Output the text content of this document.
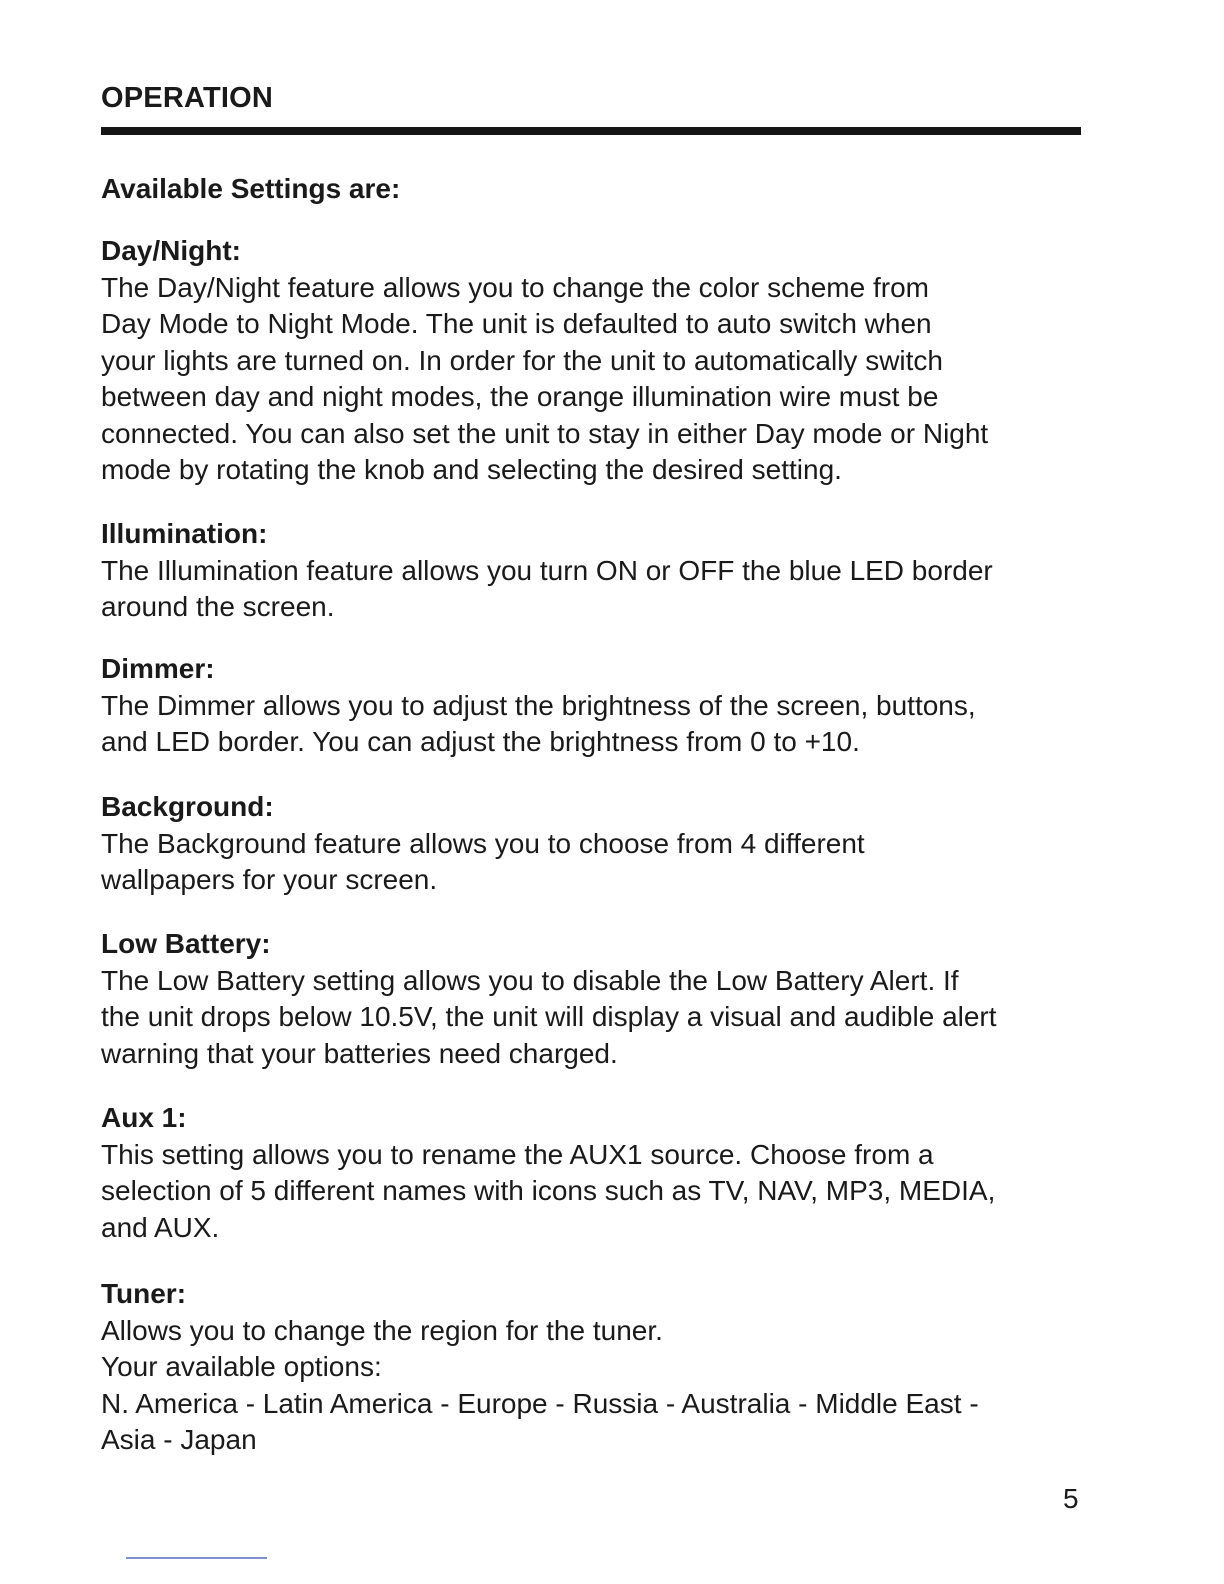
OPERATION
Available Settings are:
Day/Night:
The Day/Night feature allows you to change the color scheme from
Day Mode to Night Mode. The unit is defaulted to auto switch when
your lights are turned on. In order for the unit to automatically switch
between day and night modes, the orange illumination wire must be
connected. You can also set the unit to stay in either Day mode or Night
mode by rotating the knob and selecting the desired setting.
Illumination:
The Illumination feature allows you turn ON or OFF the blue LED border
around the screen.
Dimmer:
The Dimmer allows you to adjust the brightness of the screen, buttons,
and LED border. You can adjust the brightness from 0 to +10.
Background:
The Background feature allows you to choose from 4 different
wallpapers for your screen.
Low Battery:
The Low Battery setting allows you to disable the Low Battery Alert. If
the unit drops below 10.5V, the unit will display a visual and audible alert
warning that your batteries need charged.
Aux 1:
This setting allows you to rename the AUX1 source. Choose from a
selection of 5 different names with icons such as TV, NAV, MP3, MEDIA,
and AUX.
Tuner:
Allows you to change the region for the tuner.
Your available options:
N. America - Latin America - Europe - Russia - Australia - Middle East -
Asia - Japan
5
